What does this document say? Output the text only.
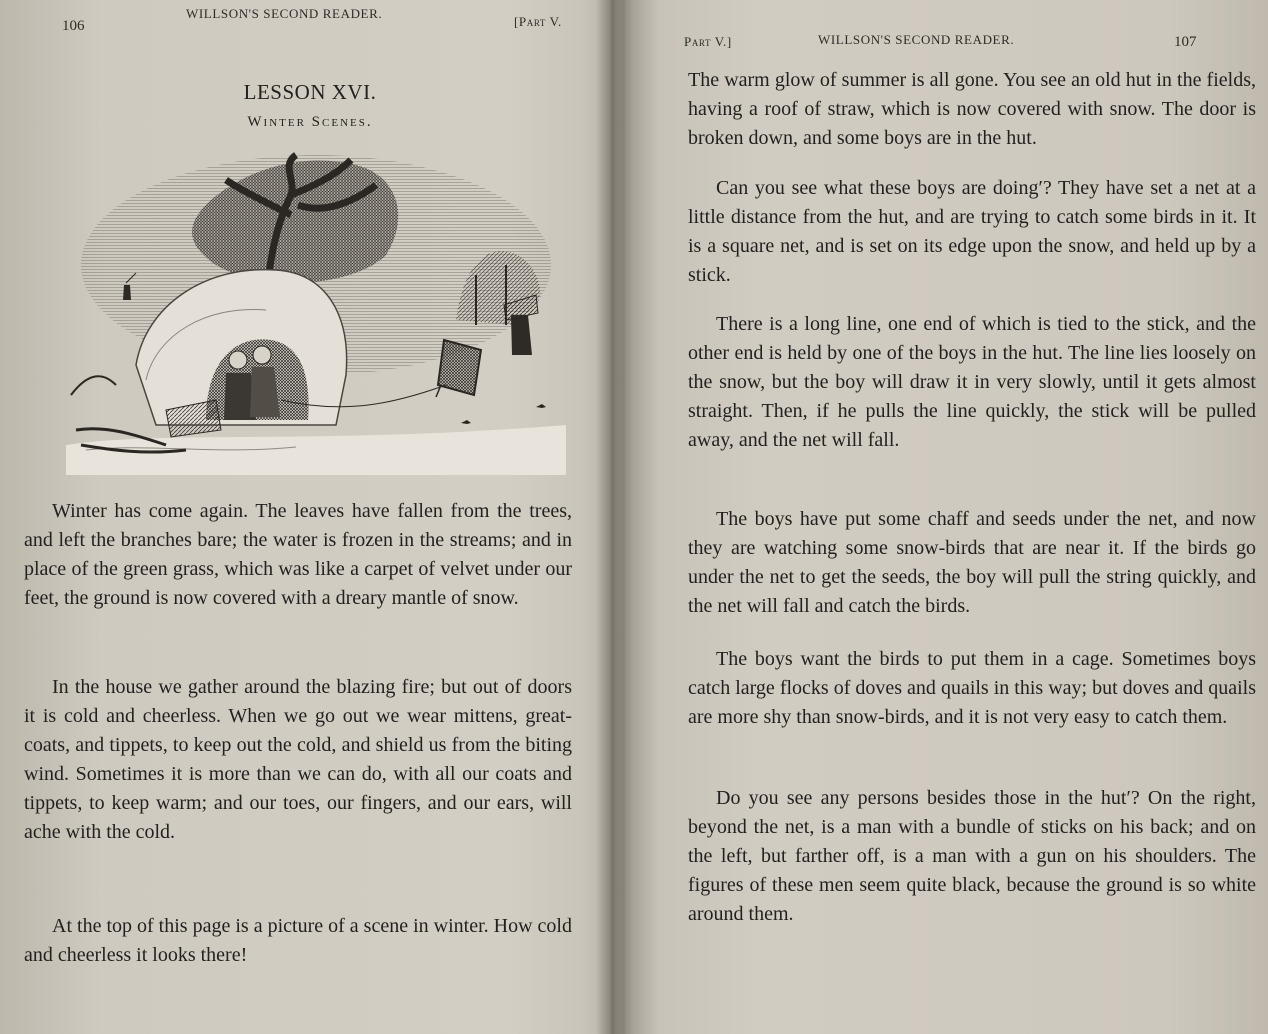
106
WILLSON'S SECOND READER.
[Part V.
LESSON XVI.
Winter Scenes.

Winter has come again. The leaves have fallen from the trees, and left the branches bare; the water is frozen in the streams; and in place of the green grass, which was like a carpet of velvet under our feet, the ground is now covered with a dreary mantle of snow.

In the house we gather around the blazing fire; but out of doors it is cold and cheerless. When we go out we wear mittens, great-coats, and tippets, to keep out the cold, and shield us from the biting wind. Sometimes it is more than we can do, with all our coats and tippets, to keep warm; and our toes, our fingers, and our ears, will ache with the cold.

At the top of this page is a picture of a scene in winter. How cold and cheerless it looks there!

Part V.]	WILLSON'S SECOND READER.	107

The warm glow of summer is all gone. You see an old hut in the fields, having a roof of straw, which is now covered with snow. The door is broken down, and some boys are in the hut.

Can you see what these boys are doing′? They have set a net at a little distance from the hut, and are trying to catch some birds in it. It is a square net, and is set on its edge upon the snow, and held up by a stick.

There is a long line, one end of which is tied to the stick, and the other end is held by one of the boys in the hut. The line lies loosely on the snow, but the boy will draw it in very slowly, until it gets almost straight. Then, if he pulls the line quickly, the stick will be pulled away, and the net will fall.

The boys have put some chaff and seeds under the net, and now they are watching some snow-birds that are near it. If the birds go under the net to get the seeds, the boy will pull the string quickly, and the net will fall and catch the birds.

The boys want the birds to put them in a cage. Sometimes boys catch large flocks of doves and quails in this way; but doves and quails are more shy than snow-birds, and it is not very easy to catch them.

Do you see any persons besides those in the hut′? On the right, beyond the net, is a man with a bundle of sticks on his back; and on the left, but farther off, is a man with a gun on his shoulders. The figures of these men seem quite black, because the ground is so white around them.
